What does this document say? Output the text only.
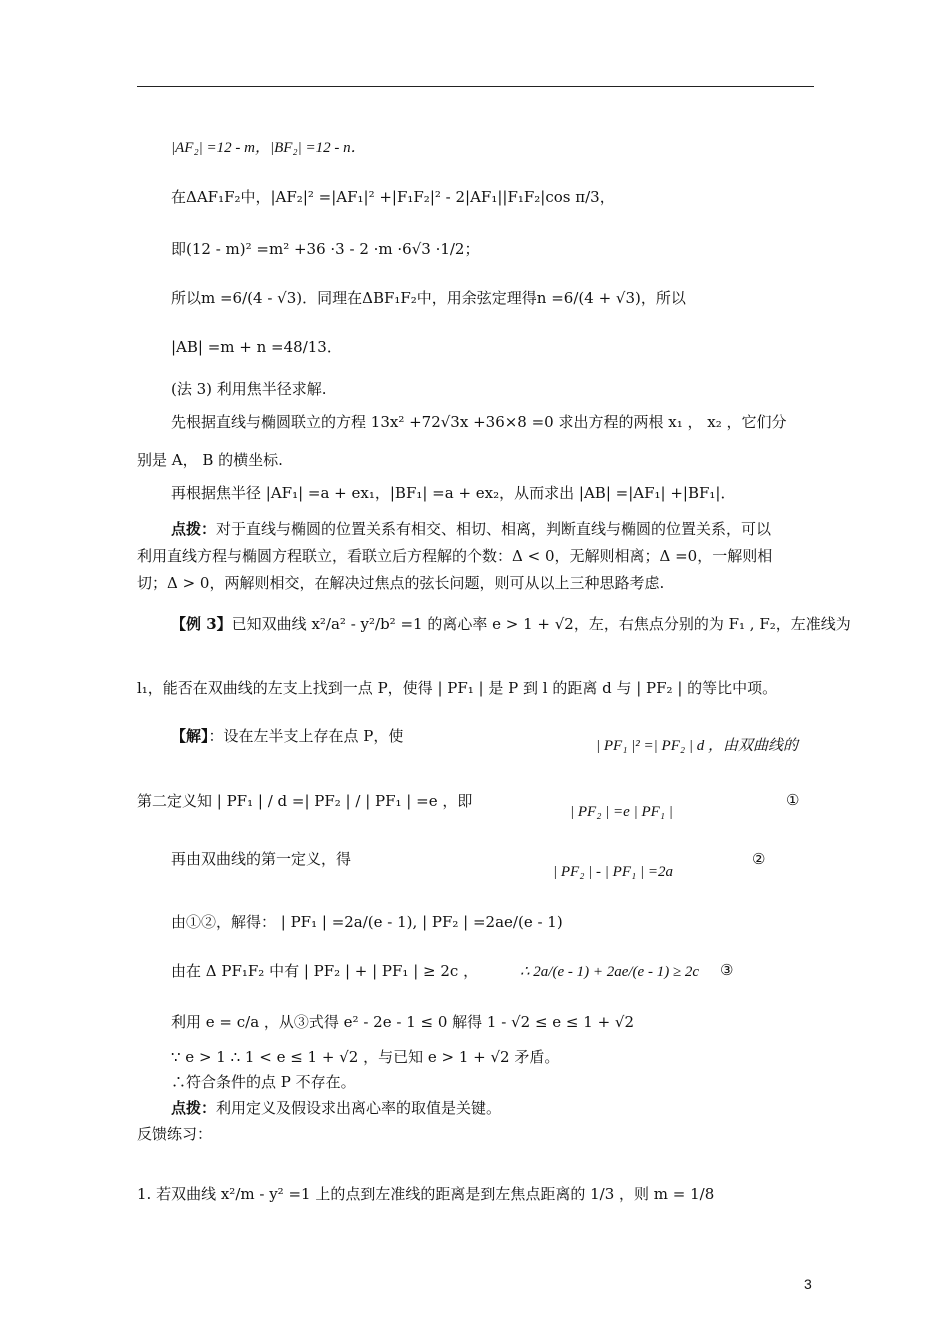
|AF₂| =12 - m，|BF₂| =12 - n．
在ΔAF₁F₂中，|AF₂|² =|AF₁|² +|F₁F₂|² - 2|AF₁||F₁F₂|cos π/3，
即(12 - m)² =m² +36 ·3 - 2 ·m ·6√3 ·1/2；
所以m =6/(4 - √3)．同理在ΔBF₁F₂中，用余弦定理得n =6/(4 + √3)，所以
|AB| =m + n =48/13．
(法 3) 利用焦半径求解.
先根据直线与椭圆联立的方程 13x² +72√3x +36×8 =0 求出方程的两根 x₁ ， x₂ ，它们分
别是 A， B 的横坐标.
再根据焦半径 |AF₁| =a + ex₁，|BF₁| =a + ex₂，从而求出 |AB| =|AF₁| +|BF₁|．
点拨：对于直线与椭圆的位置关系有相交、相切、相离，判断直线与椭圆的位置关系，可以
利用直线方程与椭圆方程联立，看联立后方程解的个数：Δ < 0，无解则相离；Δ =0，一解则相
切；Δ > 0，两解则相交，在解决过焦点的弦长问题，则可从以上三种思路考虑.
【例 3】已知双曲线 x²/a² - y²/b² =1 的离心率 e > 1 + √2，左，右焦点分别的为 F₁ , F₂，左准线为
l₁，能否在双曲线的左支上找到一点 P，使得 | PF₁ | 是 P 到 l 的距离 d 与 | PF₂ | 的等比中项。
【解】：设在左半支上存在点 P，使
| PF₁ |² =| PF₂ | d ，由双曲线的
第二定义知 | PF₁ | / d =| PF₂ | / | PF₁ | =e ，即
| PF₂ | =e | PF₁ |
①
再由双曲线的第一定义，得
| PF₂ | - | PF₁ | =2a
②
由①②，解得： | PF₁ | =2a/(e - 1), | PF₂ | =2ae/(e - 1)
由在 Δ PF₁F₂ 中有 | PF₂ | + | PF₁ | ≥ 2c ，	∴ 2a/(e - 1) + 2ae/(e - 1) ≥ 2c ③
利用 e = c/a ，从③式得 e² - 2e - 1 ≤ 0 解得 1 - √2 ≤ e ≤ 1 + √2
∵ e > 1 ∴ 1 < e ≤ 1 + √2 ，与已知 e > 1 + √2 矛盾。
∴符合条件的点 P 不存在。
点拨：利用定义及假设求出离心率的取值是关键。
反馈练习：
1. 若双曲线 x²/m - y² =1 上的点到左准线的距离是到左焦点距离的 1/3 ，则 m = 1/8
3
